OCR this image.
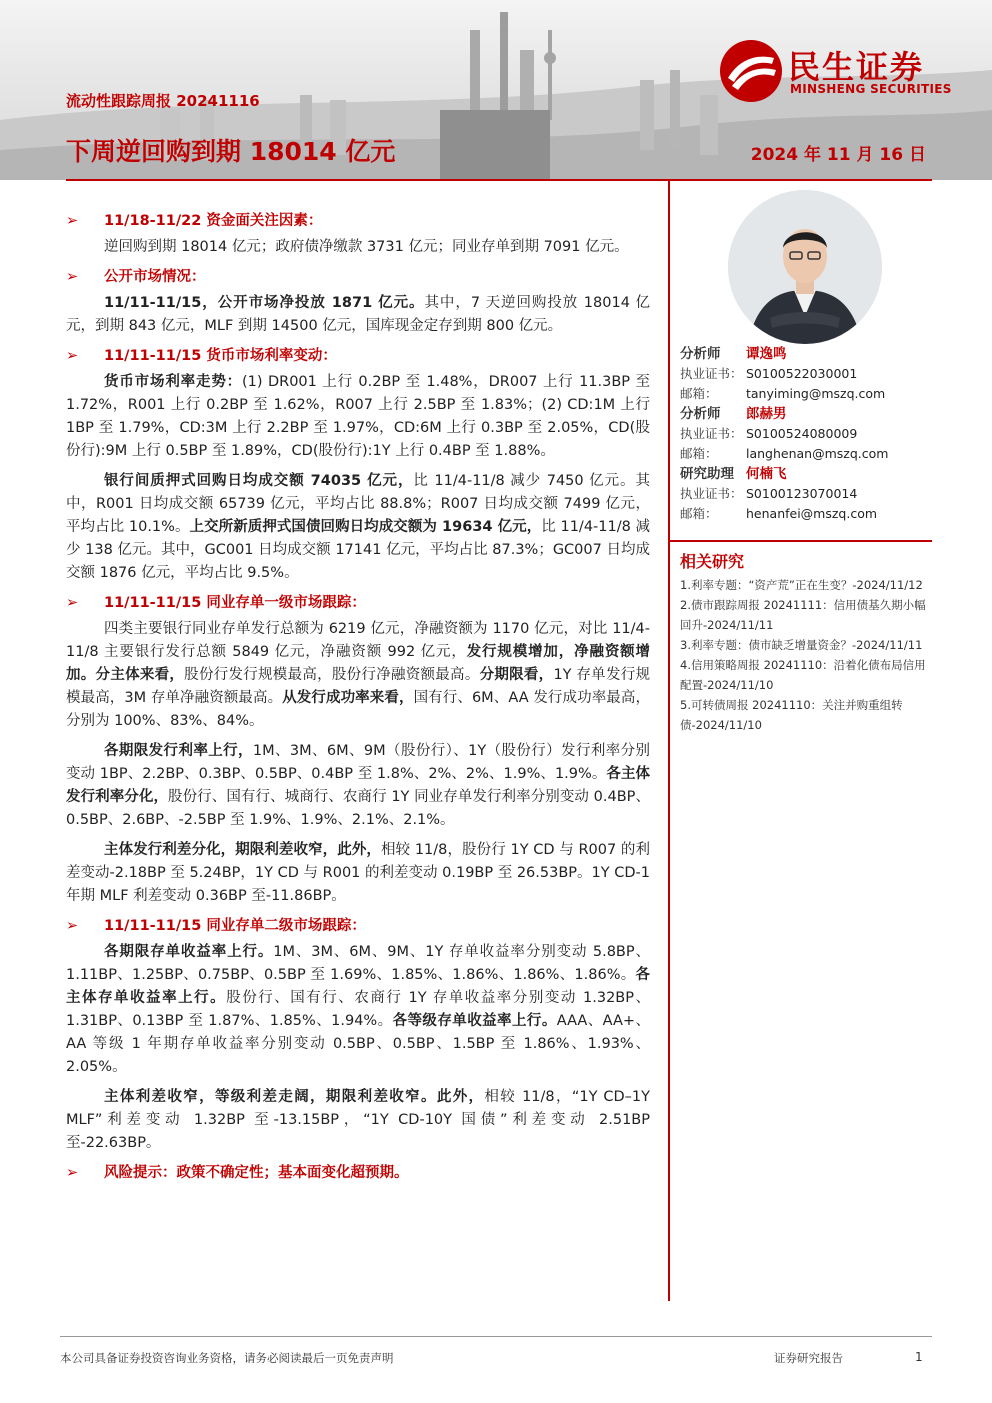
民生证券
MINSHENG SECURITIES
流动性跟踪周报 20241116
下周逆回购到期 18014 亿元	2024 年 11 月 16 日
➢ 11/18-11/22 资金面关注因素：
逆回购到期 18014 亿元；政府债净缴款 3731 亿元；同业存单到期 7091 亿元。
➢ 公开市场情况：
11/11-11/15，公开市场净投放 1871 亿元。其中，7 天逆回购投放 18014 亿元，到期 843 亿元，MLF 到期 14500 亿元，国库现金定存到期 800 亿元。
➢ 11/11-11/15 货币市场利率变动：
货币市场利率走势：(1) DR001 上行 0.2BP 至 1.48%，DR007 上行 11.3BP 至 1.72%，R001 上行 0.2BP 至 1.62%，R007 上行 2.5BP 至 1.83%；(2) CD:1M 上行 1BP 至 1.79%，CD:3M 上行 2.2BP 至 1.97%，CD:6M 上行 0.3BP 至 2.05%，CD(股份行):9M 上行 0.5BP 至 1.89%，CD(股份行):1Y 上行 0.4BP 至 1.88%。
银行间质押式回购日均成交额 74035 亿元，比 11/4-11/8 减少 7450 亿元。其中，R001 日均成交额 65739 亿元，平均占比 88.8%；R007 日均成交额 7499 亿元，平均占比 10.1%。上交所新质押式国债回购日均成交额为 19634 亿元，比 11/4-11/8 减少 138 亿元。其中，GC001 日均成交额 17141 亿元，平均占比 87.3%；GC007 日均成交额 1876 亿元，平均占比 9.5%。
➢ 11/11-11/15 同业存单一级市场跟踪：
四类主要银行同业存单发行总额为 6219 亿元，净融资额为 1170 亿元，对比 11/4-11/8 主要银行发行总额 5849 亿元，净融资额 992 亿元，发行规模增加，净融资额增加。分主体来看，股份行发行规模最高，股份行净融资额最高。分期限看，1Y 存单发行规模最高，3M 存单净融资额最高。从发行成功率来看，国有行、6M、AA 发行成功率最高，分别为 100%、83%、84%。
各期限发行利率上行，1M、3M、6M、9M（股份行）、1Y（股份行）发行利率分别变动 1BP、2.2BP、0.3BP、0.5BP、0.4BP 至 1.8%、2%、2%、1.9%、1.9%。各主体发行利率分化，股份行、国有行、城商行、农商行 1Y 同业存单发行利率分别变动 0.4BP、0.5BP、2.6BP、-2.5BP 至 1.9%、1.9%、2.1%、2.1%。
主体发行利差分化，期限利差收窄，此外，相较 11/8，股份行 1Y CD 与 R007 的利差变动-2.18BP 至 5.24BP，1Y CD 与 R001 的利差变动 0.19BP 至 26.53BP。1Y CD-1 年期 MLF 利差变动 0.36BP 至-11.86BP。
➢ 11/11-11/15 同业存单二级市场跟踪：
各期限存单收益率上行。1M、3M、6M、9M、1Y 存单收益率分别变动 5.8BP、1.11BP、1.25BP、0.75BP、0.5BP 至 1.69%、1.85%、1.86%、1.86%、1.86%。各主体存单收益率上行。股份行、国有行、农商行 1Y 存单收益率分别变动 1.32BP、1.31BP、0.13BP 至 1.87%、1.85%、1.94%。各等级存单收益率上行。AAA、AA+、AA 等级 1 年期存单收益率分别变动 0.5BP、0.5BP、1.5BP 至 1.86%、1.93%、2.05%。
主体利差收窄，等级利差走阔，期限利差收窄。此外，相较 11/8，“1Y CD–1Y MLF”利差变动 1.32BP 至-13.15BP，“1Y CD-10Y 国债”利差变动 2.51BP 至-22.63BP。
➢ 风险提示：政策不确定性；基本面变化超预期。
分析师 谭逸鸣
执业证书： S0100522030001
邮箱： tanyiming@mszq.com
分析师 郎赫男
执业证书： S0100524080009
邮箱： langhenan@mszq.com
研究助理 何楠飞
执业证书： S0100123070014
邮箱： henanfei@mszq.com
相关研究
1.利率专题：“资产荒”正在生变？-2024/11/12
2.债市跟踪周报 20241111：信用债基久期小幅回升-2024/11/11
3.利率专题：债市缺乏增量资金？-2024/11/11
4.信用策略周报 20241110：沿着化债布局信用配置-2024/11/10
5.可转债周报 20241110：关注并购重组转债-2024/11/10
本公司具备证券投资咨询业务资格，请务必阅读最后一页免责声明	证券研究报告	1
